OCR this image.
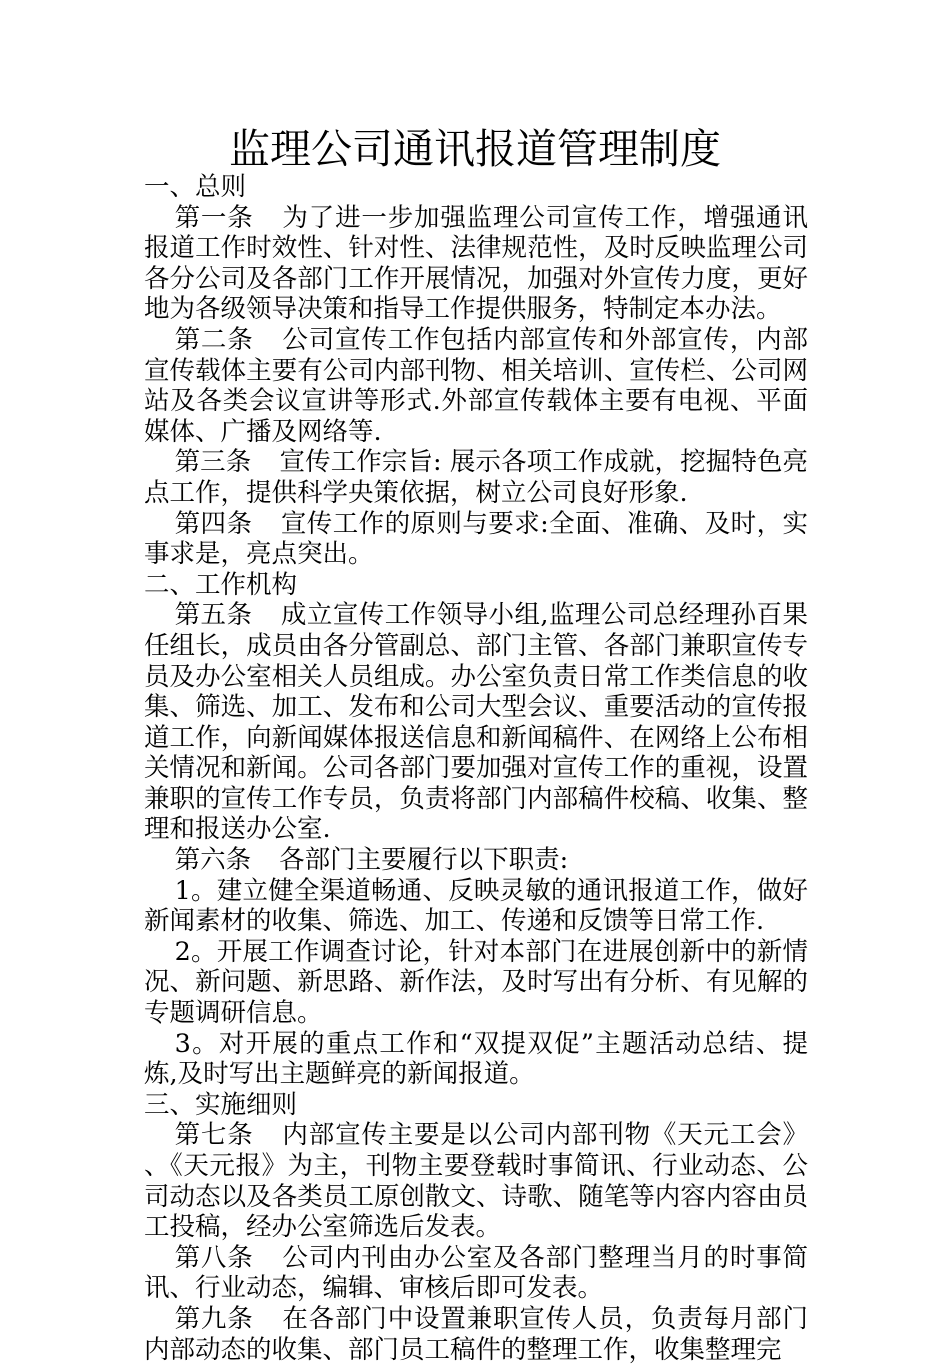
监理公司通讯报道管理制度

一、总则

第一条 为了进一步加强监理公司宣传工作，增强通讯报道工作时效性、针对性、法律规范性，及时反映监理公司各分公司及各部门工作开展情况，加强对外宣传力度，更好地为各级领导决策和指导工作提供服务，特制定本办法。

第二条 公司宣传工作包括内部宣传和外部宣传，内部宣传载体主要有公司内部刊物、相关培训、宣传栏、公司网站及各类会议宣讲等形式.外部宣传载体主要有电视、平面媒体、广播及网络等.

第三条 宣传工作宗旨: 展示各项工作成就，挖掘特色亮点工作，提供科学央策依据，树立公司良好形象.

第四条 宣传工作的原则与要求:全面、准确、及时，实事求是，亮点突出。

二、工作机构

第五条 成立宣传工作领导小组,监理公司总经理孙百果任组长，成员由各分管副总、部门主管、各部门兼职宣传专员及办公室相关人员组成。办公室负责日常工作类信息的收集、筛选、加工、发布和公司大型会议、重要活动的宣传报道工作，向新闻媒体报送信息和新闻稿件、在网络上公布相关情况和新闻。公司各部门要加强对宣传工作的重视，设置兼职的宣传工作专员，负责将部门内部稿件校稿、收集、整理和报送办公室.

第六条 各部门主要履行以下职责:

1。建立健全渠道畅通、反映灵敏的通讯报道工作，做好新闻素材的收集、筛选、加工、传递和反馈等日常工作.

2。开展工作调查讨论，针对本部门在进展创新中的新情况、新问题、新思路、新作法，及时写出有分析、有见解的专题调研信息。

3。对开展的重点工作和“双提双促”主题活动总结、提炼,及时写出主题鲜亮的新闻报道。

三、实施细则

第七条 内部宣传主要是以公司内部刊物《天元工会》 、《天元报》为主，刊物主要登载时事简讯、行业动态、公司动态以及各类员工原创散文、诗歌、随笔等内容内容由员工投稿，经办公室筛选后发表。

第八条 公司内刊由办公室及各部门整理当月的时事简讯、行业动态，编辑、审核后即可发表。

第九条 在各部门中设置兼职宣传人员，负责每月部门内部动态的收集、部门员工稿件的整理工作，收集整理完
